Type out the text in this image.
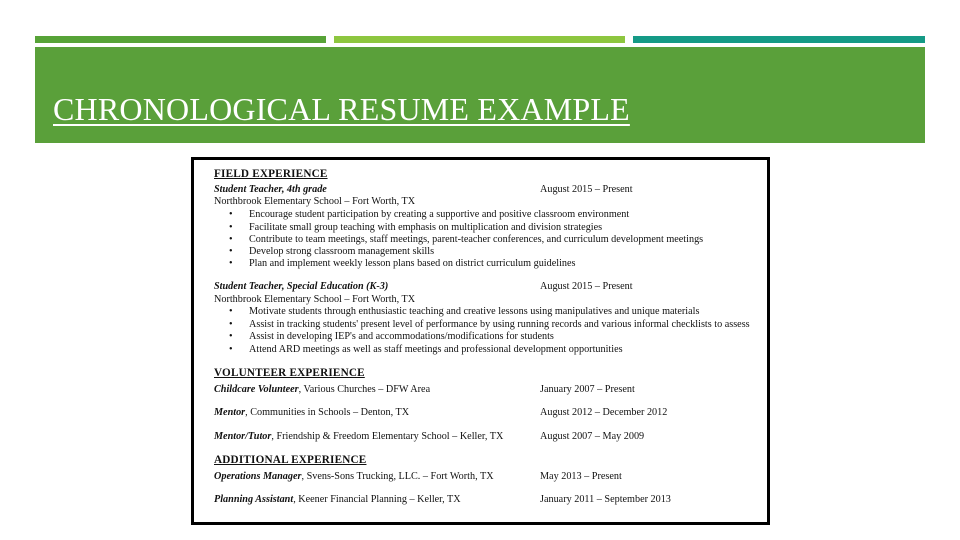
CHRONOLOGICAL RESUME EXAMPLE
FIELD EXPERIENCE
Student Teacher, 4th grade	August 2015 – Present
Northbrook Elementary School – Fort Worth, TX
• Encourage student participation by creating a supportive and positive classroom environment
• Facilitate small group teaching with emphasis on multiplication and division strategies
• Contribute to team meetings, staff meetings, parent-teacher conferences, and curriculum development meetings
• Develop strong classroom management skills
• Plan and implement weekly lesson plans based on district curriculum guidelines
Student Teacher, Special Education (K-3)	August 2015 – Present
Northbrook Elementary School – Fort Worth, TX
• Motivate students through enthusiastic teaching and creative lessons using manipulatives and unique materials
• Assist in tracking students' present level of performance by using running records and various informal checklists to assess
• Assist in developing IEP's and accommodations/modifications for students
• Attend ARD meetings as well as staff meetings and professional development opportunities
VOLUNTEER EXPERIENCE
Childcare Volunteer, Various Churches – DFW Area	January 2007 – Present
Mentor, Communities in Schools – Denton, TX	August 2012 – December 2012
Mentor/Tutor, Friendship & Freedom Elementary School – Keller, TX	August 2007 – May 2009
ADDITIONAL EXPERIENCE
Operations Manager, Svens-Sons Trucking, LLC. – Fort Worth, TX	May 2013 – Present
Planning Assistant, Keener Financial Planning – Keller, TX	January 2011 – September 2013
